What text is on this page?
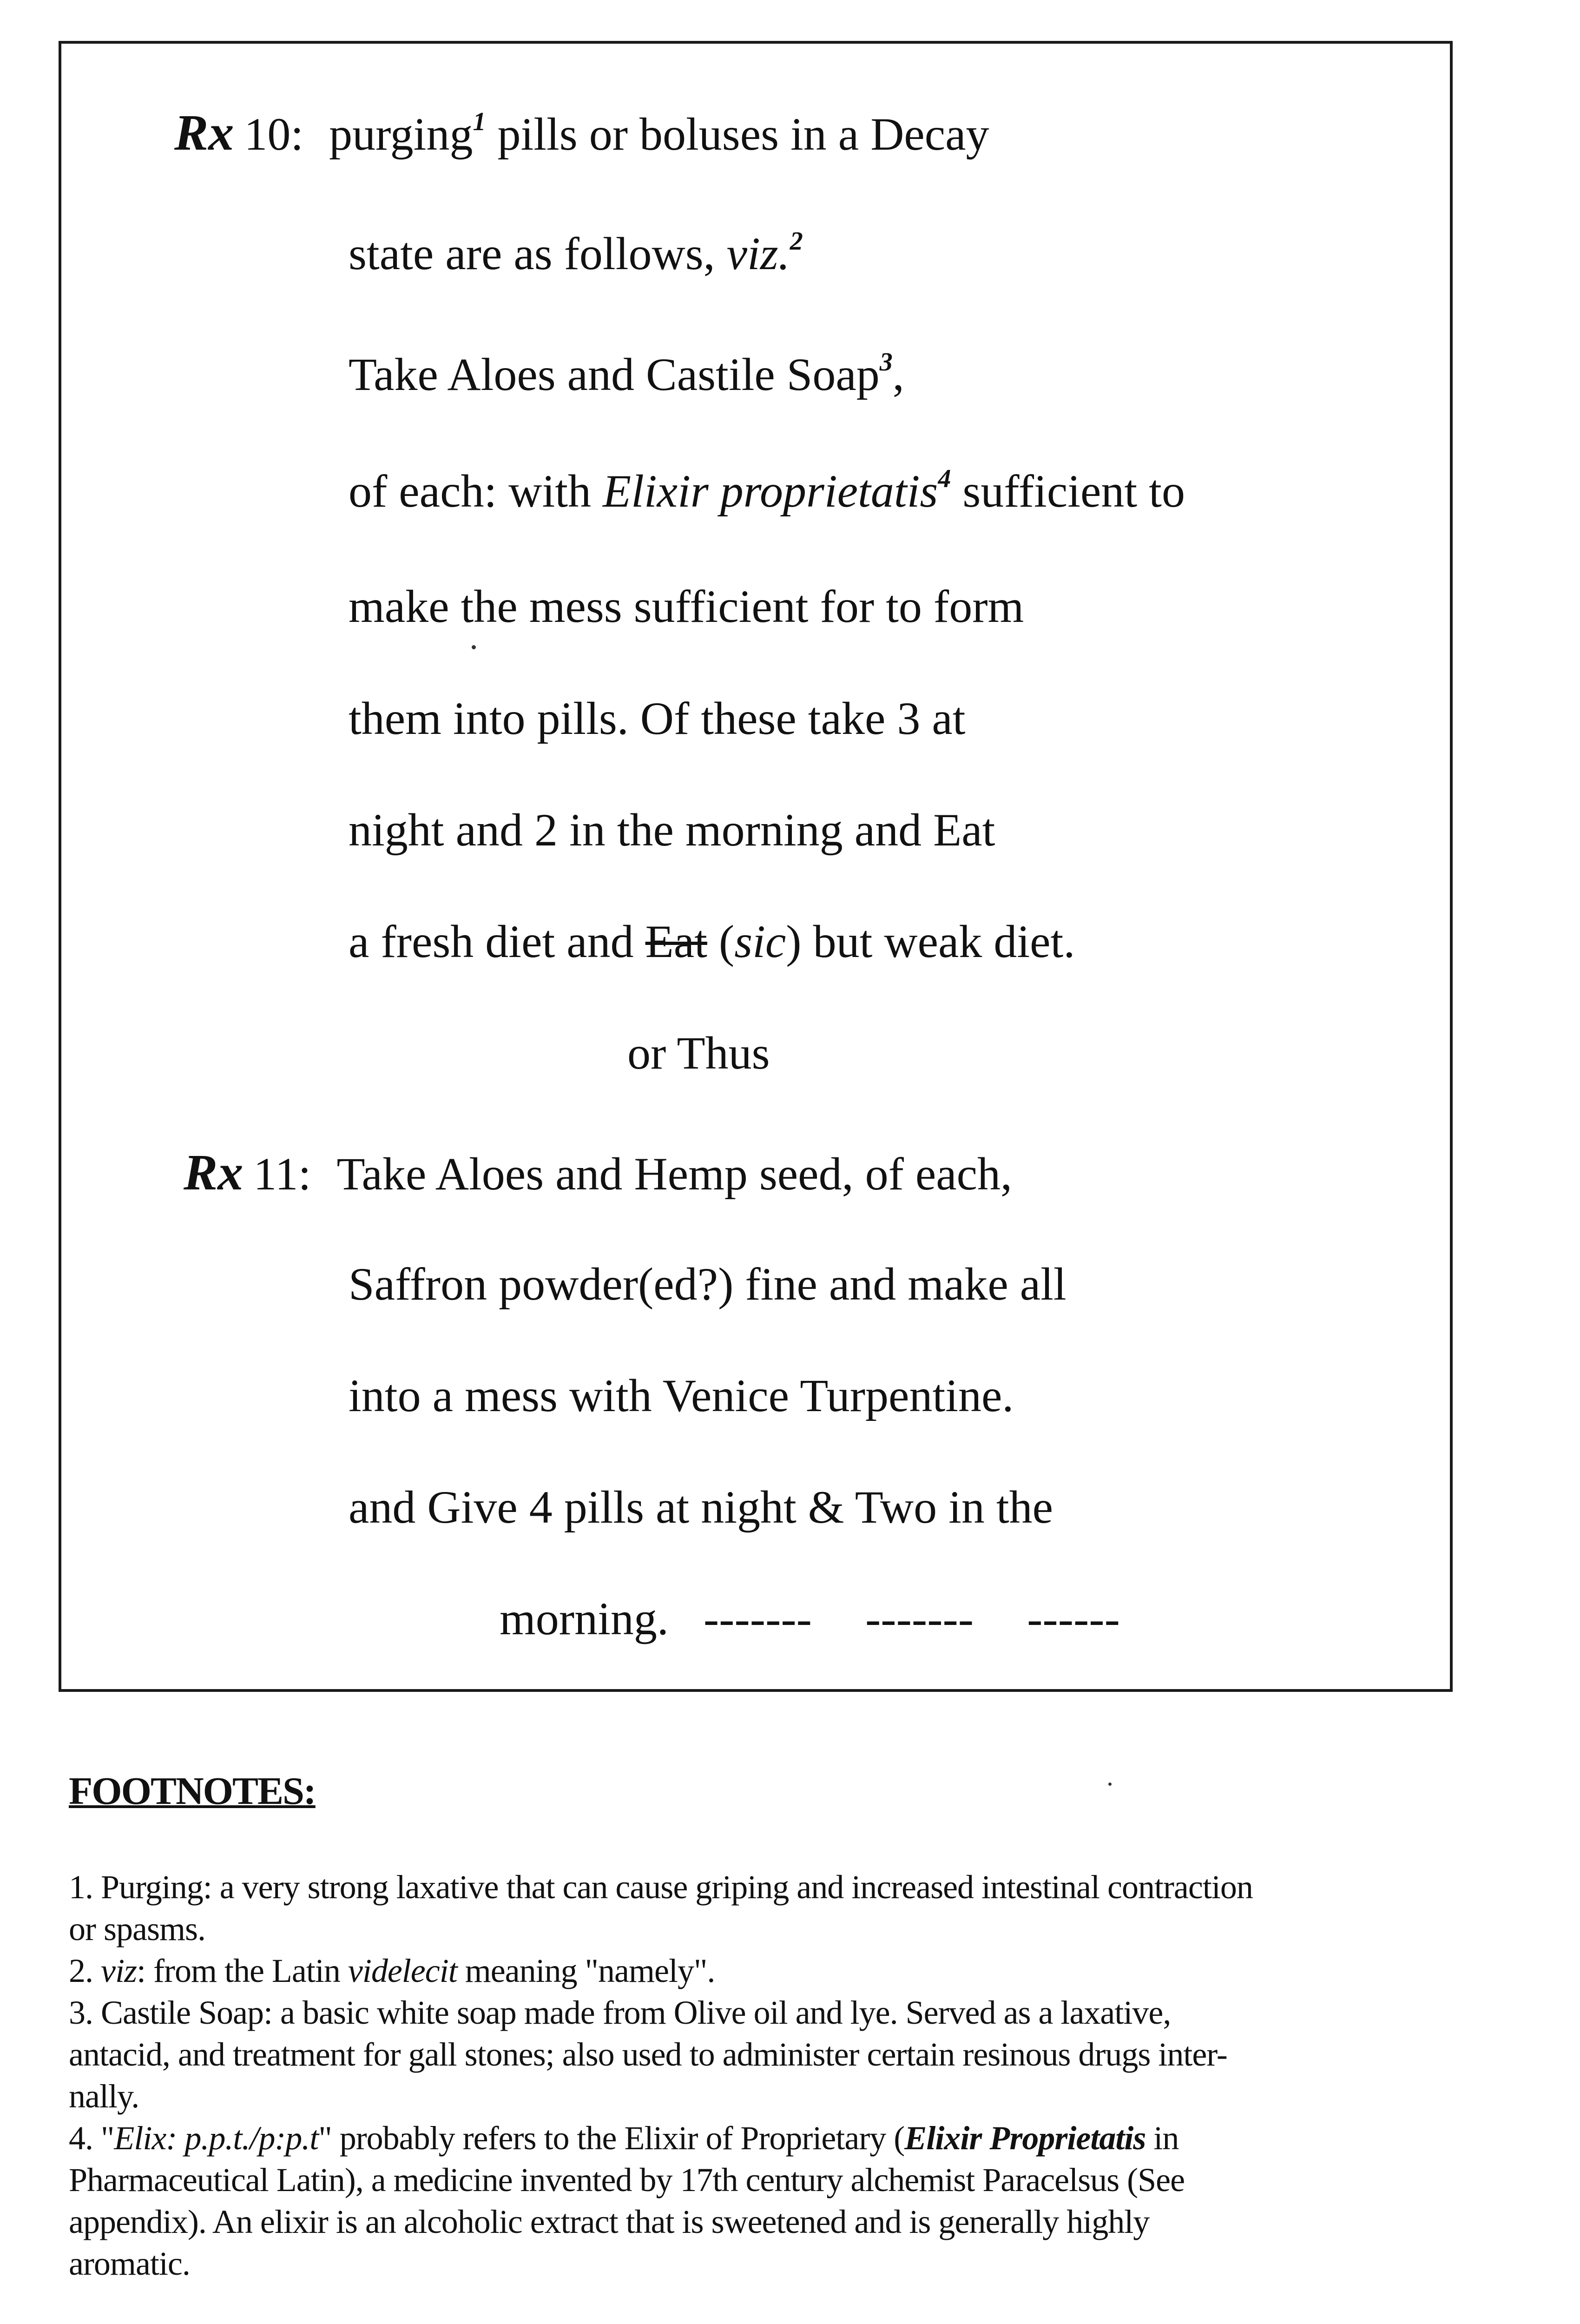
Rx 10: purging$^1$ pills or boluses in a Decay
state are as follows, viz.$^2$
Take Aloes and Castile Soap$^3$,
of each: with Elixir proprietatis$^4$ sufficient to
make the mess sufficient for to form
them into pills. Of these take 3 at
night and 2 in the morning and Eat
a fresh diet and Eat (sic) but weak diet.
or Thus
Rx 11: Take Aloes and Hemp seed, of each,
Saffron powder(ed?) fine and make all
into a mess with Venice Turpentine.
and Give 4 pills at night & Two in the
morning. ------- ------- ------
FOOTNOTES:
1. Purging: a very strong laxative that can cause griping and increased intestinal contraction
or spasms.
2. viz: from the Latin videlecit meaning "namely".
3. Castile Soap: a basic white soap made from Olive oil and lye. Served as a laxative,
antacid, and treatment for gall stones; also used to administer certain resinous drugs inter-
nally.
4. "Elix: p.p.t./p:p.t" probably refers to the Elixir of Proprietary (Elixir Proprietatis in
Pharmaceutical Latin), a medicine invented by 17th century alchemist Paracelsus (See
appendix). An elixir is an alcoholic extract that is sweetened and is generally highly
aromatic.
